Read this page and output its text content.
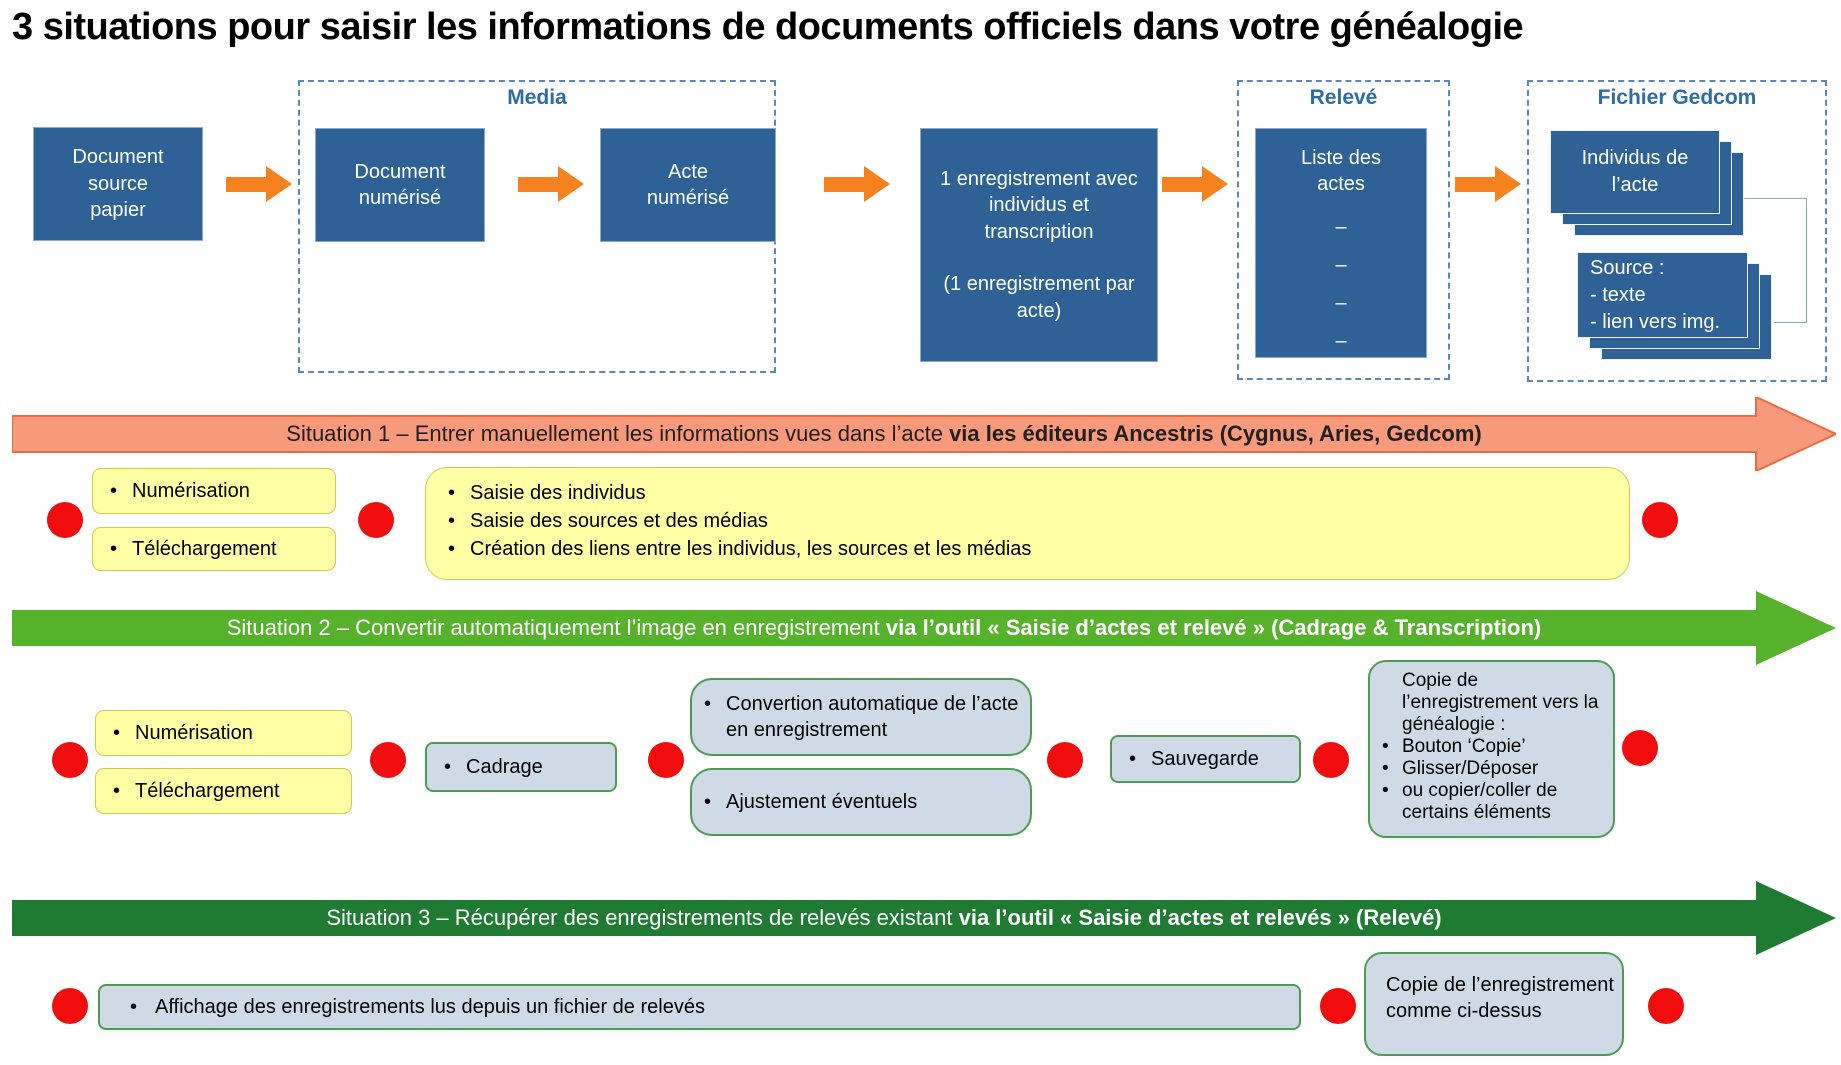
3 situations pour saisir les informations de documents officiels dans votre généalogie
Document source papier
Media
Document numérisé
Acte numérisé
1 enregistrement avec individus et transcription
(1 enregistrement par acte)
Relevé
Liste des actes
–
–
–
–
Fichier Gedcom
Individus de l’acte
Source :
- texte
- lien vers img.
Situation 1 – Entrer manuellement les informations vues dans l’acte via les éditeurs Ancestris (Cygnus, Aries, Gedcom)
• Numérisation
• Téléchargement
• Saisie des individus
• Saisie des sources et des médias
• Création des liens entre les individus, les sources et les médias
Situation 2 – Convertir automatiquement l’image en enregistrement via l’outil « Saisie d’actes et relevé » (Cadrage & Transcription)
• Numérisation
• Téléchargement
• Cadrage
• Convertion automatique de l’acte en enregistrement
• Ajustement éventuels
• Sauvegarde
Copie de l’enregistrement vers la généalogie :
• Bouton ‘Copie’
• Glisser/Déposer
• ou copier/coller de certains éléments
Situation 3 – Récupérer des enregistrements de relevés existant via l’outil « Saisie d’actes et relevés » (Relevé)
• Affichage des enregistrements lus depuis un fichier de relevés
Copie de l’enregistrement comme ci-dessus
